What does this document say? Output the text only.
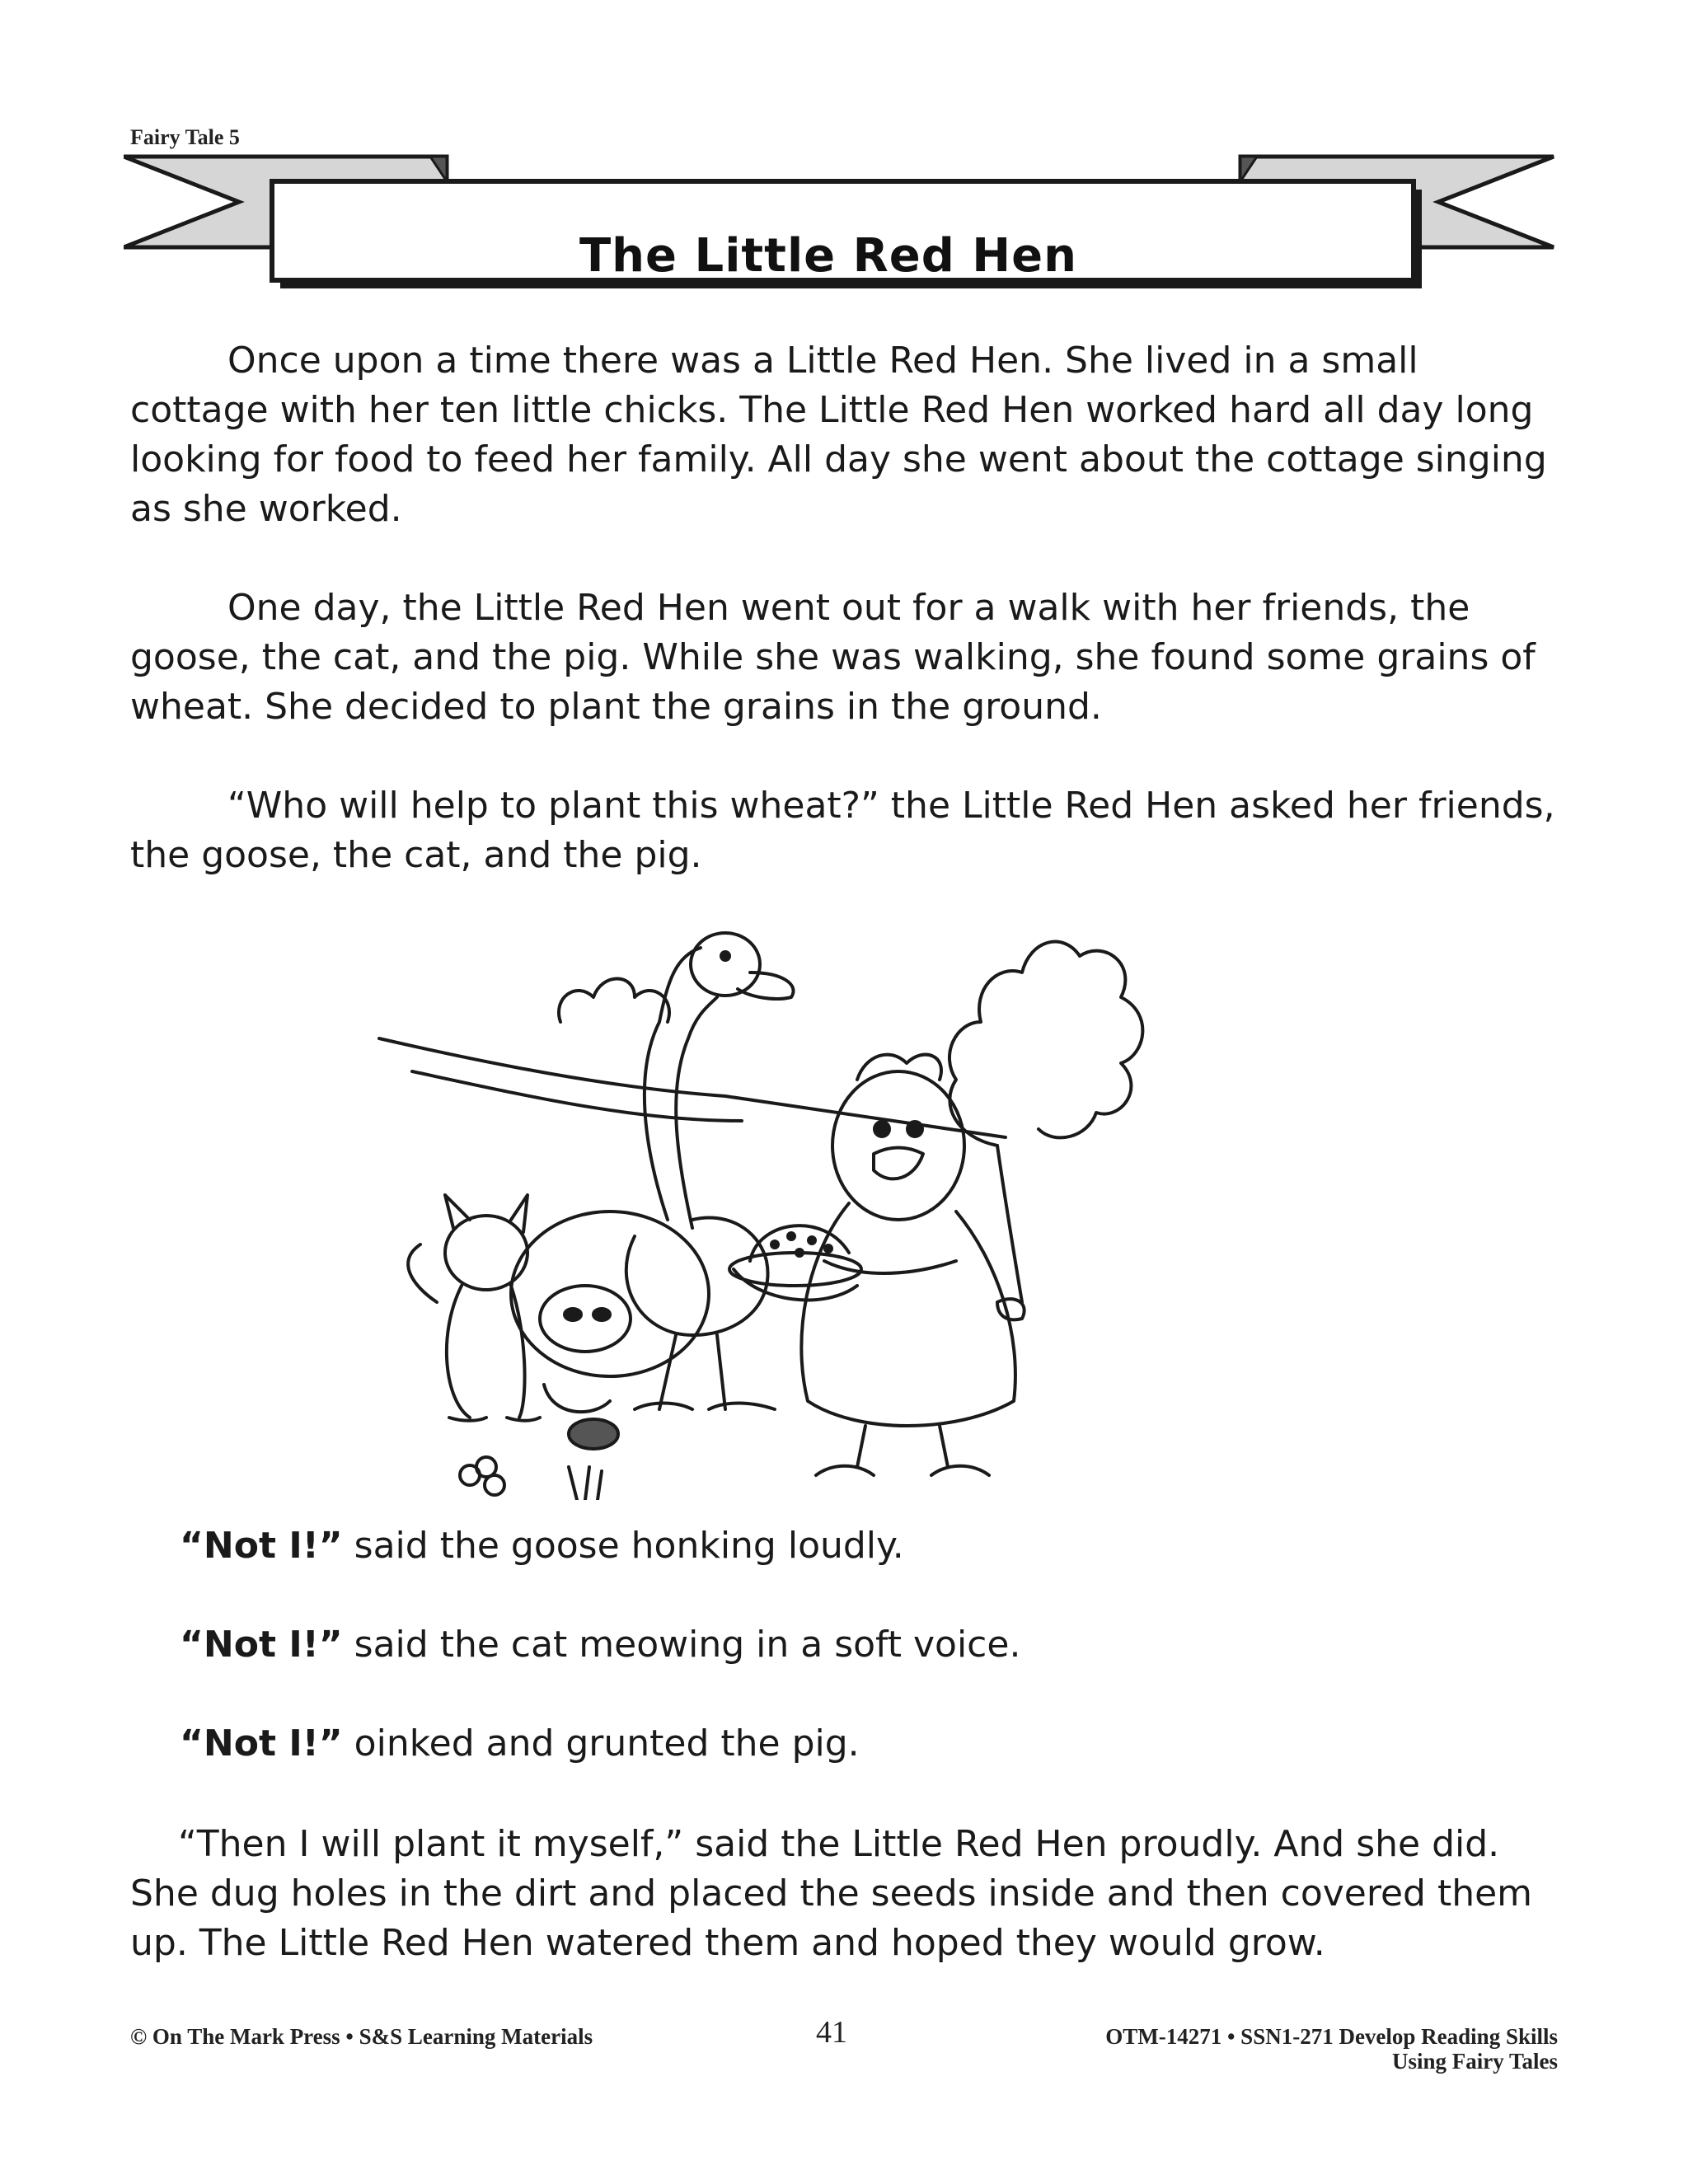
Fairy Tale 5
The Little Red Hen

Once upon a time there was a Little Red Hen. She lived in a small cottage with her ten little chicks. The Little Red Hen worked hard all day long looking for food to feed her family. All day she went about the cottage singing as she worked.

One day, the Little Red Hen went out for a walk with her friends, the goose, the cat, and the pig. While she was walking, she found some grains of wheat. She decided to plant the grains in the ground.

“Who will help to plant this wheat?” the Little Red Hen asked her friends, the goose, the cat, and the pig.

“Not I!” said the goose honking loudly.

“Not I!” said the cat meowing in a soft voice.

“Not I!” oinked and grunted the pig.

“Then I will plant it myself,” said the Little Red Hen proudly. And she did. She dug holes in the dirt and placed the seeds inside and then covered them up. The Little Red Hen watered them and hoped they would grow.

© On The Mark Press • S&S Learning Materials	41	OTM-14271 • SSN1-271 Develop Reading Skills
Using Fairy Tales
